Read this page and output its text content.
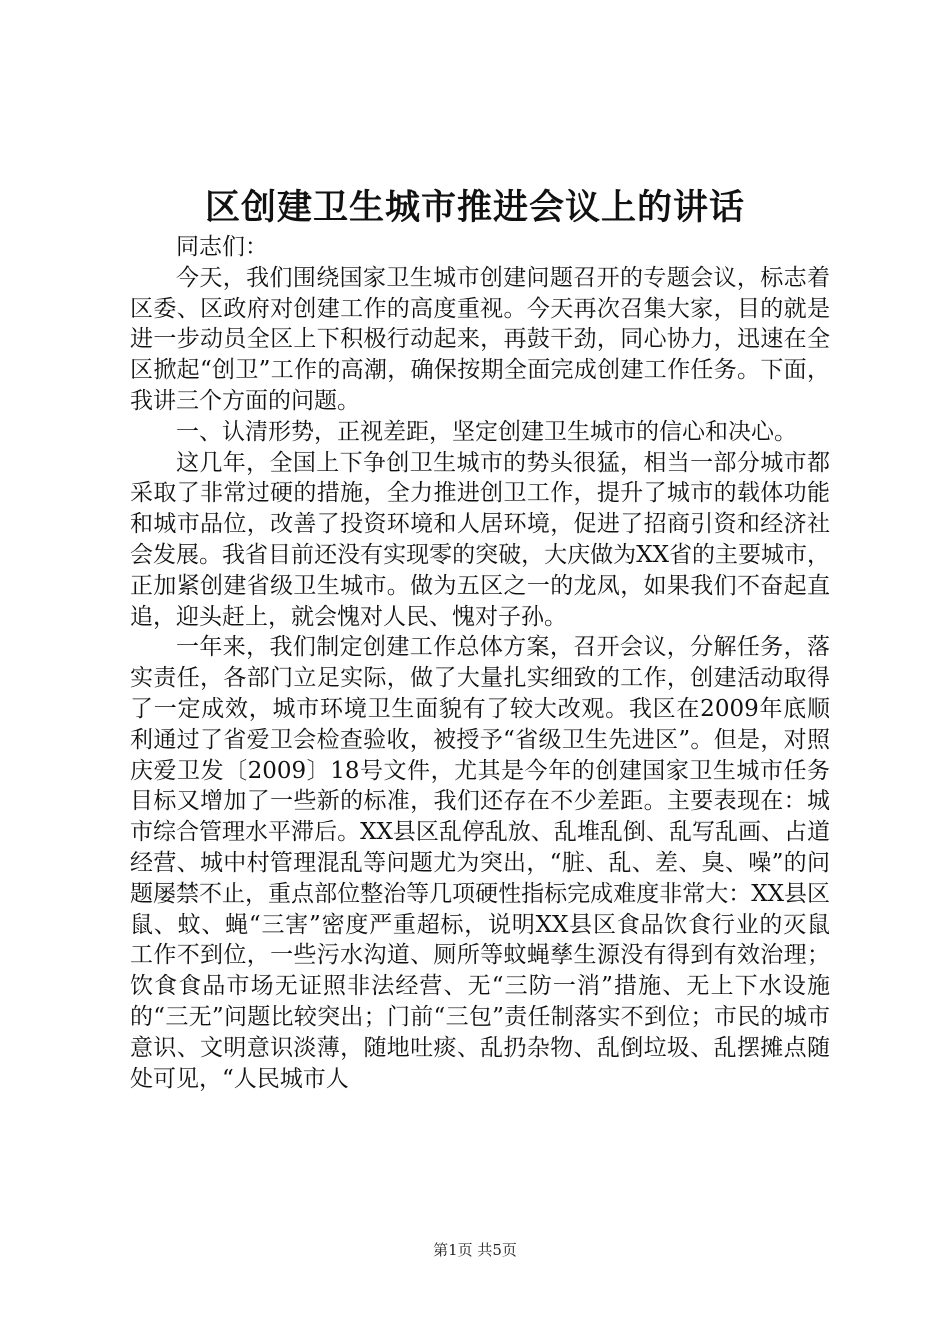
区创建卫生城市推进会议上的讲话

同志们：

今天，我们围绕国家卫生城市创建问题召开的专题会议，标志着区委、区政府对创建工作的高度重视。今天再次召集大家，目的就是进一步动员全区上下积极行动起来，再鼓干劲，同心协力，迅速在全区掀起“创卫”工作的高潮，确保按期全面完成创建工作任务。下面，我讲三个方面的问题。

一、认清形势，正视差距，坚定创建卫生城市的信心和决心。

这几年，全国上下争创卫生城市的势头很猛，相当一部分城市都采取了非常过硬的措施，全力推进创卫工作，提升了城市的载体功能和城市品位，改善了投资环境和人居环境，促进了招商引资和经济社会发展。我省目前还没有实现零的突破，大庆做为XX省的主要城市，正加紧创建省级卫生城市。做为五区之一的龙凤，如果我们不奋起直追，迎头赶上，就会愧对人民、愧对子孙。

一年来，我们制定创建工作总体方案，召开会议，分解任务，落实责任，各部门立足实际，做了大量扎实细致的工作，创建活动取得了一定成效，城市环境卫生面貌有了较大改观。我区在2009年底顺利通过了省爱卫会检查验收，被授予“省级卫生先进区”。但是，对照庆爱卫发〔2009〕18号文件，尤其是今年的创建国家卫生城市任务目标又增加了一些新的标准，我们还存在不少差距。主要表现在：城市综合管理水平滞后。XX县区乱停乱放、乱堆乱倒、乱写乱画、占道经营、城中村管理混乱等问题尤为突出，“脏、乱、差、臭、噪”的问题屡禁不止，重点部位整治等几项硬性指标完成难度非常大：XX县区鼠、蚊、蝇“三害”密度严重超标，说明XX县区食品饮食行业的灭鼠工作不到位，一些污水沟道、厕所等蚊蝇孳生源没有得到有效治理；饮食食品市场无证照非法经营、无“三防一消”措施、无上下水设施的“三无”问题比较突出；门前“三包”责任制落实不到位；市民的城市意识、文明意识淡薄，随地吐痰、乱扔杂物、乱倒垃圾、乱摆摊点随处可见，“人民城市人

第1页 共5页
